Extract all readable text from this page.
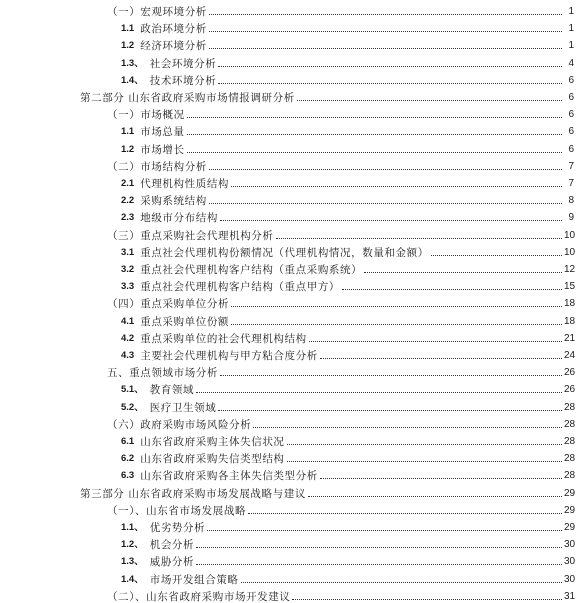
（一）宏观环境分析	1
1.1 政治环境分析	1
1.2 经济环境分析	1
1.3、 社会环境分析	4
1.4、 技术环境分析	6
第二部分 山东省政府采购市场情报调研分析	6
（一）市场概况	6
1.1 市场总量	6
1.2 市场增长	6
（二）市场结构分析	7
2.1 代理机构性质结构	7
2.2 采购系统结构	8
2.3 地级市分布结构	9
（三）重点采购社会代理机构分析	10
3.1 重点社会代理机构份额情况（代理机构情况，数量和金额）	10
3.2 重点社会代理机构客户结构（重点采购系统）	12
3.3 重点社会代理机构客户结构（重点甲方）	15
（四）重点采购单位分析	18
4.1 重点采购单位份额	18
4.2 重点采购单位的社会代理机构结构	21
4.3 主要社会代理机构与甲方粘合度分析	24
五、重点领域市场分析	26
5.1、 教育领域	26
5.2、 医疗卫生领域	28
（六）政府采购市场风险分析	28
6.1 山东省政府采购主体失信状况	28
6.2 山东省政府采购失信类型结构	28
6.3 山东省政府采购各主体失信类型分析	28
第三部分 山东省政府采购市场发展战略与建议	29
（一）、山东省市场发展战略	29
1.1、 优劣势分析	29
1.2、 机会分析	30
1.3、 威胁分析	30
1.4、 市场开发组合策略	30
（二）、山东省政府采购市场开发建议	31
